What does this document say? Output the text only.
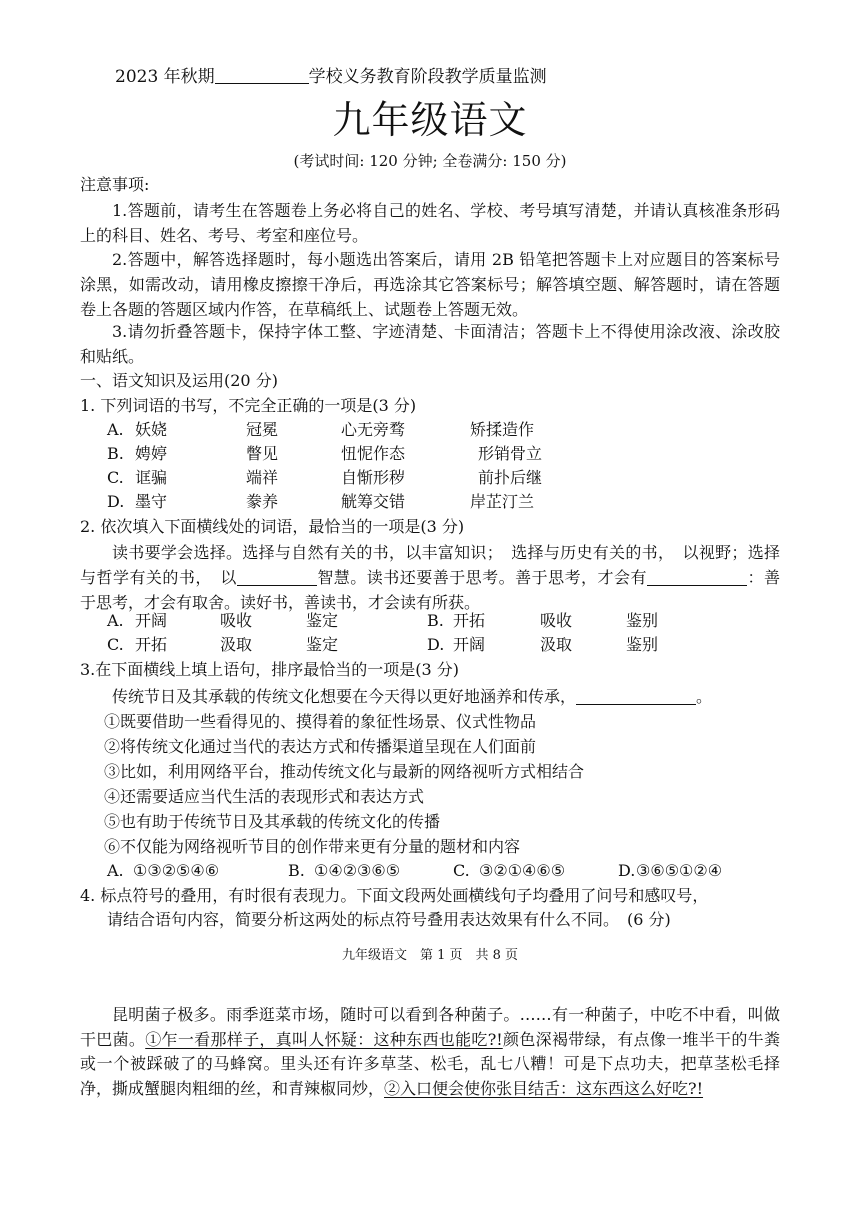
2023 年秋期	学校义务教育阶段教学质量监测
九年级语文
(考试时间: 120 分钟; 全卷满分: 150 分)
注意事项:
1.答题前，请考生在答题卷上务必将自己的姓名、学校、考号填写清楚，并请认真核准条形码上的科目、姓名、考号、考室和座位号。
2.答题中，解答选择题时，每小题选出答案后，请用 2B 铅笔把答题卡上对应题目的答案标号涂黑，如需改动，请用橡皮擦擦干净后，再选涂其它答案标号；解答填空题、解答题时，请在答题卷上各题的答题区域内作答，在草稿纸上、试题卷上答题无效。
3.请勿折叠答题卡，保持字体工整、字迹清楚、卡面清洁；答题卡上不得使用涂改液、涂改胶和贴纸。
一、语文知识及运用(20 分)
1. 下列词语的书写，不完全正确的一项是(3 分)
A. 妖娆	冠冕	心无旁骛	矫揉造作
B. 娉婷	瞥见	忸怩作态	形销骨立
C. 诓骗	端祥	自惭形秽	前扑后继
D. 墨守	豢养	觥筹交错	岸芷汀兰
2. 依次填入下面横线处的词语，最恰当的一项是(3 分)
读书要学会选择。选择与自然有关的书，以丰富知识；　选择与历史有关的书，　以视野；选择与哲学有关的书，　以	智慧。读书还要善于思考。善于思考，才会有	：善于思考，才会有取舍。读好书，善读书，才会读有所获。
A. 开阔	吸收	鉴定	B. 开拓	吸收	鉴别
C. 开拓	汲取	鉴定	D. 开阔	汲取	鉴别
3.在下面横线上填上语句，排序最恰当的一项是(3 分)
传统节日及其承载的传统文化想要在今天得以更好地涵养和传承，	。
①既要借助一些看得见的、摸得着的象征性场景、仪式性物品
②将传统文化通过当代的表达方式和传播渠道呈现在人们面前
③比如，利用网络平台，推动传统文化与最新的网络视听方式相结合
④还需要适应当代生活的表现形式和表达方式
⑤也有助于传统节日及其承载的传统文化的传播
⑥不仅能为网络视听节目的创作带来更有分量的题材和内容
A. ①③②⑤④⑥	B. ①④②③⑥⑤	C. ③②①④⑥⑤	D. ③⑥⑤①②④
4. 标点符号的叠用，有时很有表现力。下面文段两处画横线句子均叠用了问号和感叹号，
请结合语句内容，简要分析这两处的标点符号叠用表达效果有什么不同。　(6 分)
九年级语文　第 1 页　共 8 页
昆明菌子极多。雨季逛菜市场，随时可以看到各种菌子。……有一种菌子，中吃不中看，叫做干巴菌。①乍一看那样子，真叫人怀疑：这种东西也能吃?!颜色深褐带绿，有点像一堆半干的牛粪或一个被踩破了的马蜂窝。里头还有许多草茎、松毛，乱七八糟！可是下点功夫，把草茎松毛择净，撕成蟹腿肉粗细的丝，和青辣椒同炒，②入口便会使你张目结舌：这东西这么好吃?!
